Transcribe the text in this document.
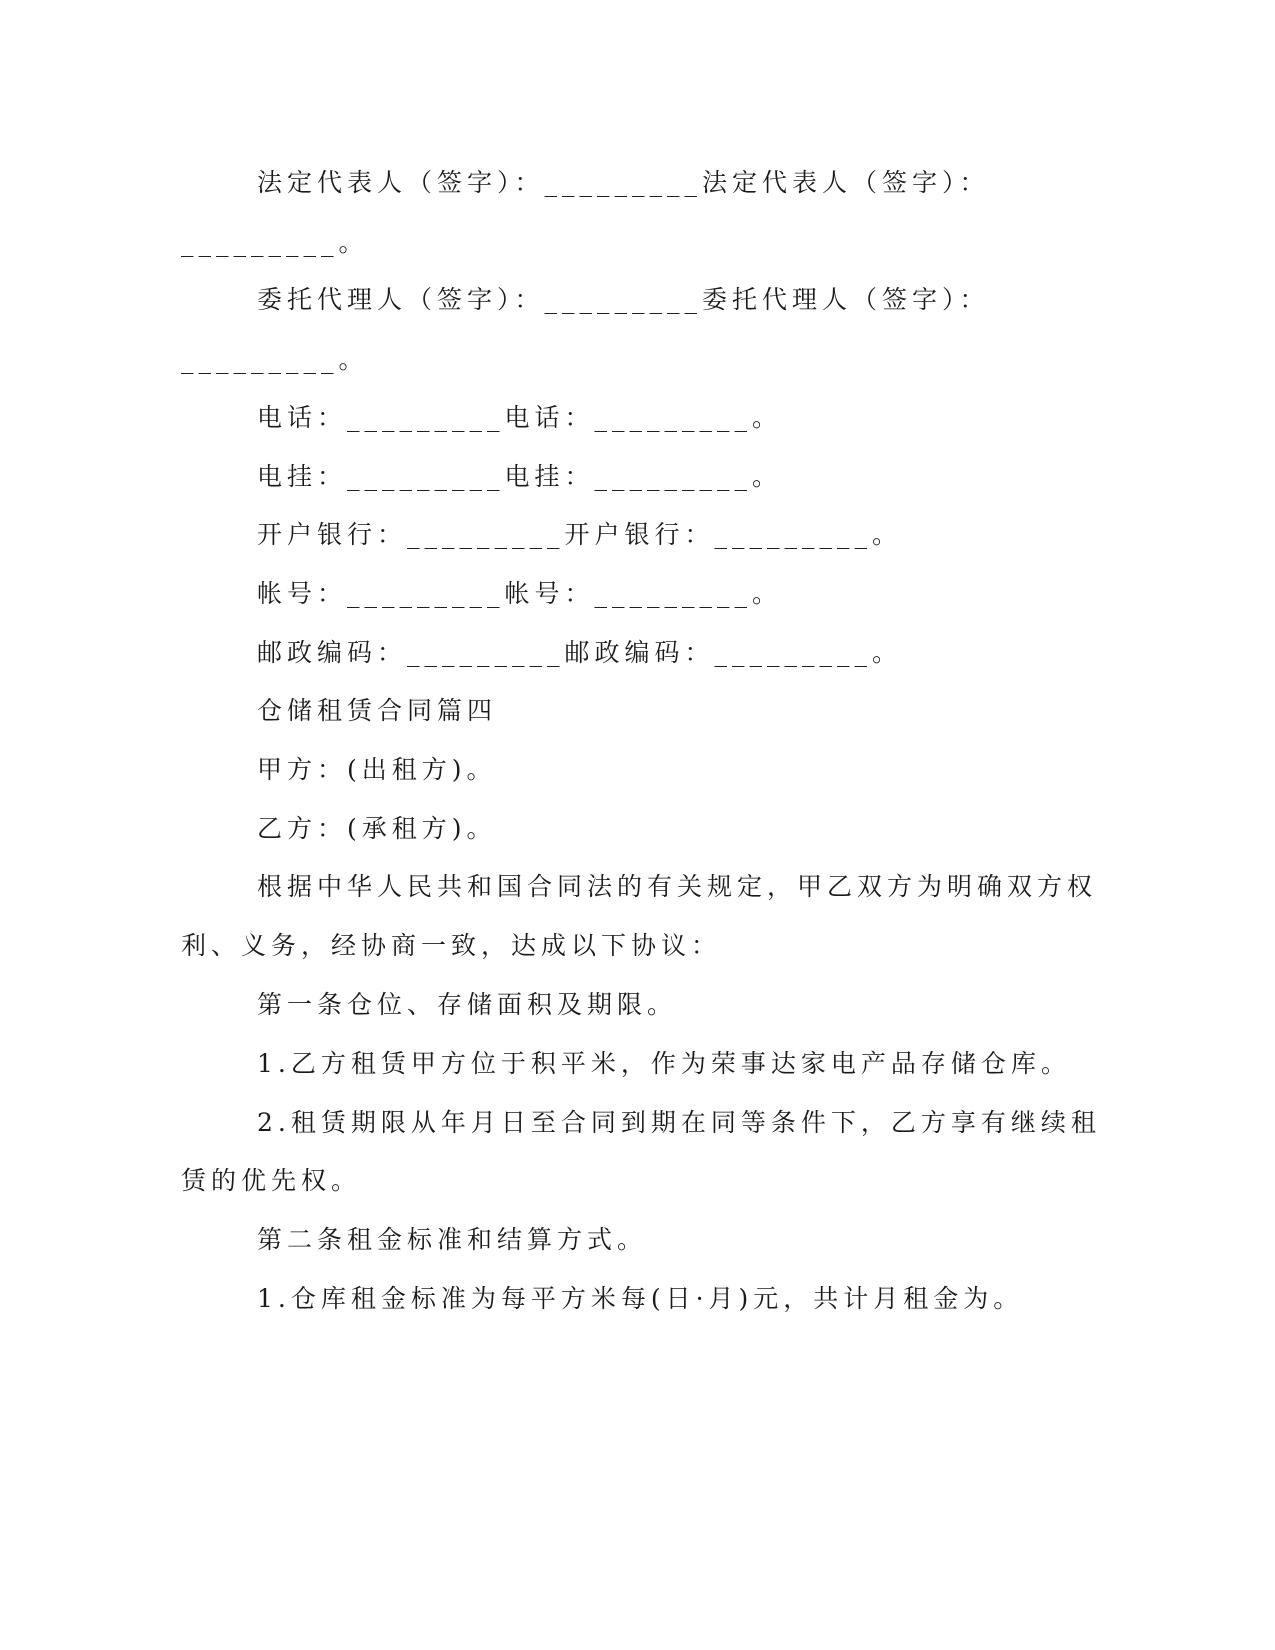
法定代表人（签字）：_________法定代表人（签字）：
_________。
委托代理人（签字）：_________委托代理人（签字）：
_________。
电话：_________电话：_________。
电挂：_________电挂：_________。
开户银行：_________开户银行：_________。
帐号：_________帐号：_________。
邮政编码：_________邮政编码：_________。
仓储租赁合同篇四
甲方：(出租方)。
乙方：(承租方)。
根据中华人民共和国合同法的有关规定，甲乙双方为明确双方权
利、义务，经协商一致，达成以下协议：
第一条仓位、存储面积及期限。
1.乙方租赁甲方位于积平米，作为荣事达家电产品存储仓库。
2.租赁期限从年月日至合同到期在同等条件下，乙方享有继续租
赁的优先权。
第二条租金标准和结算方式。
1.仓库租金标准为每平方米每(日·月)元，共计月租金为。
